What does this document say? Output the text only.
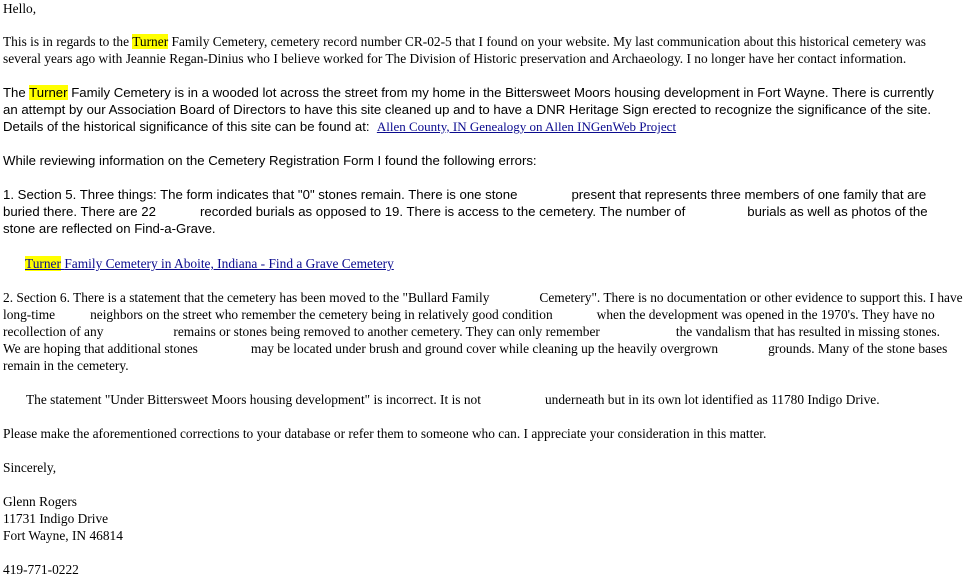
Hello,
This is in regards to the Turner Family Cemetery, cemetery record number CR-02-5 that I found on your website. My last communication about this historical cemetery was
several years ago with Jeannie Regan-Dinius who I believe worked for The Division of Historic preservation and Archaeology. I no longer have her contact information.
The Turner Family Cemetery is in a wooded lot across the street from my home in the Bittersweet Moors housing development in Fort Wayne. There is currently
an attempt by our Association Board of Directors to have this site cleaned up and to have a DNR Heritage Sign erected to recognize the significance of the site.
Details of the historical significance of this site can be found at: Allen County, IN Genealogy on Allen INGenWeb Project
While reviewing information on the Cemetery Registration Form I found the following errors:
1. Section 5. Three things: The form indicates that "0" stones remain. There is one stone	present that represents three members of one family that are
buried there. There are 22	recorded burials as opposed to 19. There is access to the cemetery. The number of	burials as well as photos of the
stone are reflected on Find-a-Grave.
Turner Family Cemetery in Aboite, Indiana - Find a Grave Cemetery
2. Section 6. There is a statement that the cemetery has been moved to the "Bullard Family	Cemetery". There is no documentation or other evidence to support this. I have
long-time	neighbors on the street who remember the cemetery being in relatively good condition	when the development was opened in the 1970's. They have no
recollection of any	remains or stones being removed to another cemetery. They can only remember	the vandalism that has resulted in missing stones.
We are hoping that additional stones	may be located under brush and ground cover while cleaning up the heavily overgrown	grounds. Many of the stone bases
remain in the cemetery.
The statement "Under Bittersweet Moors housing development" is incorrect. It is not	underneath but in its own lot identified as 11780 Indigo Drive.
Please make the aforementioned corrections to your database or refer them to someone who can. I appreciate your consideration in this matter.
Sincerely,
Glenn Rogers
11731 Indigo Drive
Fort Wayne, IN 46814
419-771-0222
